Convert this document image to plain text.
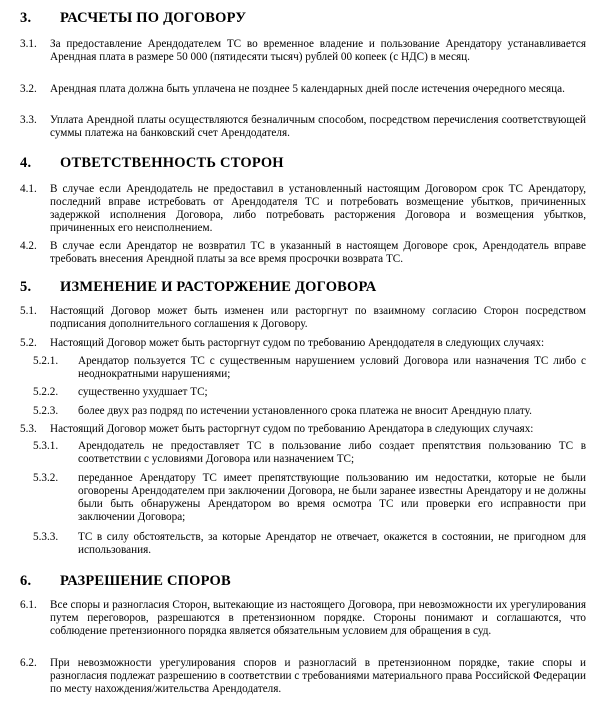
3. РАСЧЕТЫ ПО ДОГОВОРУ
3.1. За предоставление Арендодателем ТС во временное владение и пользование Арендатору устанавливается Арендная плата в размере 50 000 (пятидесяти тысяч) рублей 00 копеек (с НДС) в месяц.
3.2. Арендная плата должна быть уплачена не позднее 5 календарных дней после истечения очередного месяца.
3.3. Уплата Арендной платы осуществляются безналичным способом, посредством перечисления соответствующей суммы платежа на банковский счет Арендодателя.
4. ОТВЕТСТВЕННОСТЬ СТОРОН
4.1. В случае если Арендодатель не предоставил в установленный настоящим Договором срок ТС Арендатору, последний вправе истребовать от Арендодателя ТС и потребовать возмещение убытков, причиненных задержкой исполнения Договора, либо потребовать расторжения Договора и возмещения убытков, причиненных его неисполнением.
4.2. В случае если Арендатор не возвратил ТС в указанный в настоящем Договоре срок, Арендодатель вправе требовать внесения Арендной платы за все время просрочки возврата ТС.
5. ИЗМЕНЕНИЕ И РАСТОРЖЕНИЕ ДОГОВОРА
5.1. Настоящий Договор может быть изменен или расторгнут по взаимному согласию Сторон посредством подписания дополнительного соглашения к Договору.
5.2. Настоящий Договор может быть расторгнут судом по требованию Арендодателя в следующих случаях:
5.2.1. Арендатор пользуется ТС с существенным нарушением условий Договора или назначения ТС либо с неоднократными нарушениями;
5.2.2. существенно ухудшает ТС;
5.2.3. более двух раз подряд по истечении установленного срока платежа не вносит Арендную плату.
5.3. Настоящий Договор может быть расторгнут судом по требованию Арендатора в следующих случаях:
5.3.1. Арендодатель не предоставляет ТС в пользование либо создает препятствия пользованию ТС в соответствии с условиями Договора или назначением ТС;
5.3.2. переданное Арендатору ТС имеет препятствующие пользованию им недостатки, которые не были оговорены Арендодателем при заключении Договора, не были заранее известны Арендатору и не должны были быть обнаружены Арендатором во время осмотра ТС или проверки его исправности при заключении Договора;
5.3.3. ТС в силу обстоятельств, за которые Арендатор не отвечает, окажется в состоянии, не пригодном для использования.
6. РАЗРЕШЕНИЕ СПОРОВ
6.1. Все споры и разногласия Сторон, вытекающие из настоящего Договора, при невозможности их урегулирования путем переговоров, разрешаются в претензионном порядке. Стороны понимают и соглашаются, что соблюдение претензионного порядка является обязательным условием для обращения в суд.
6.2. При невозможности урегулирования споров и разногласий в претензионном порядке, такие споры и разногласия подлежат разрешению в соответствии с требованиями материального права Российской Федерации по месту нахождения/жительства Арендодателя.
